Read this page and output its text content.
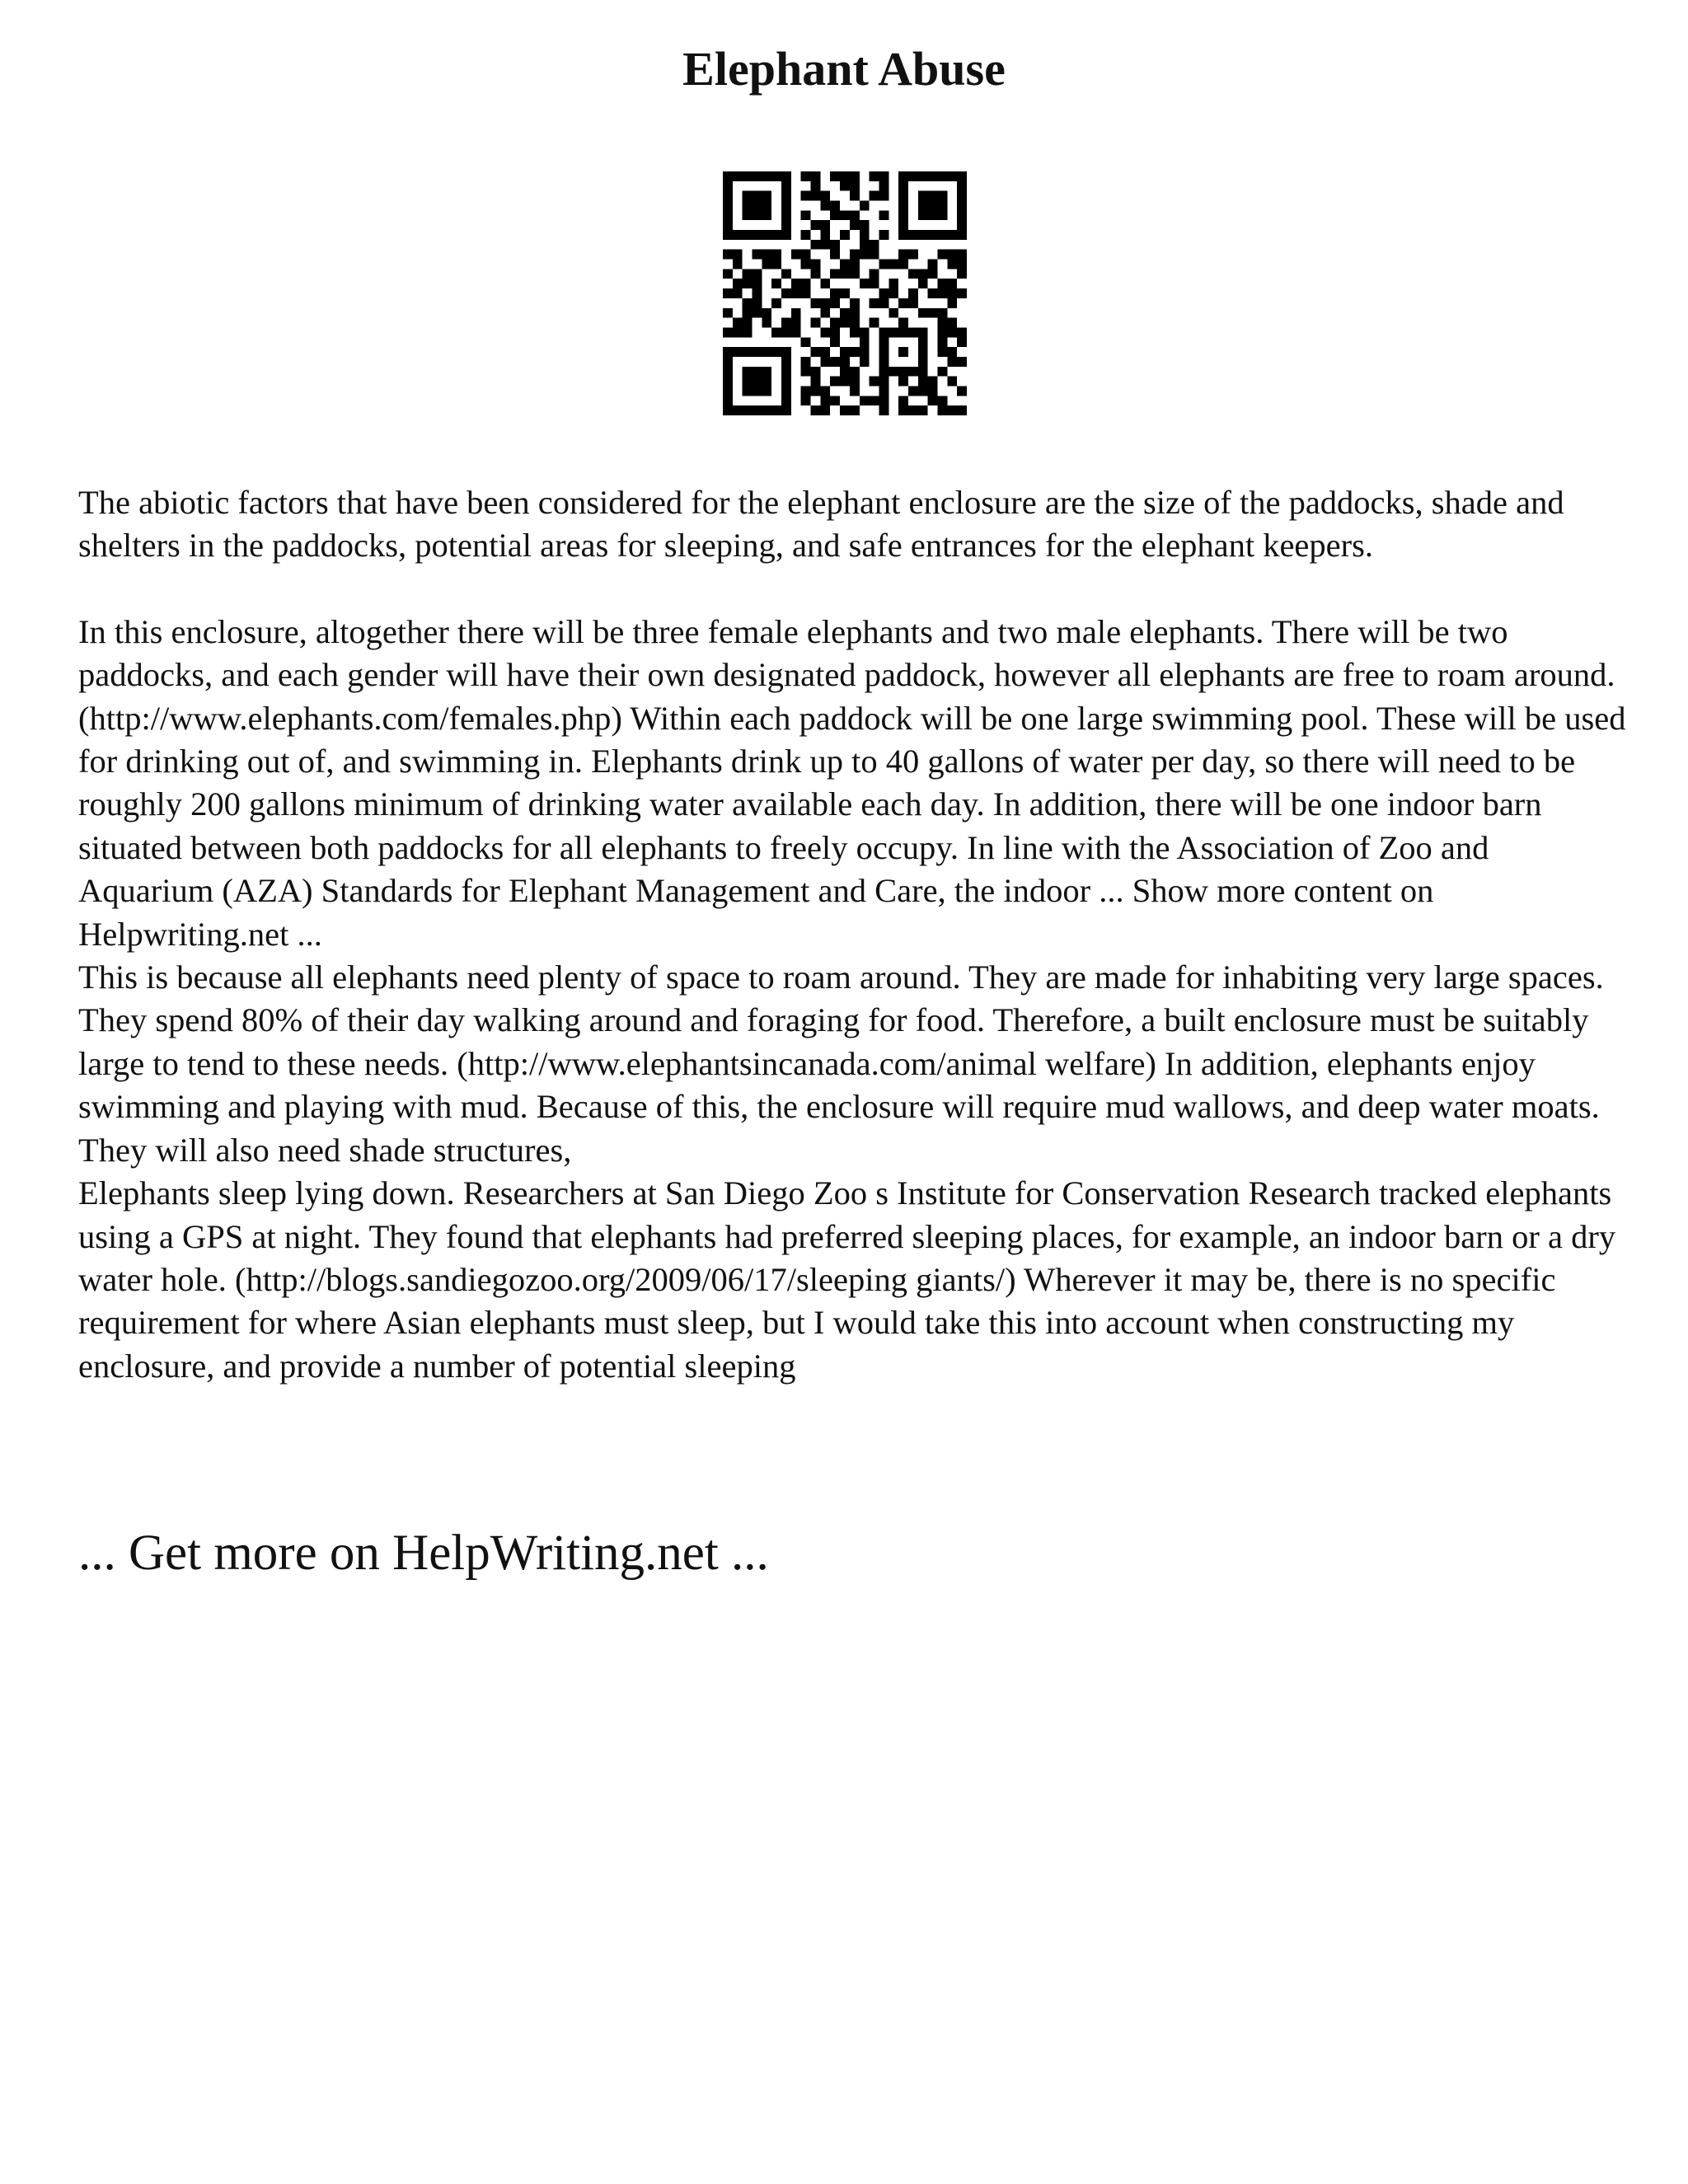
Elephant Abuse

The abiotic factors that have been considered for the elephant enclosure are the size of the paddocks, shade and shelters in the paddocks, potential areas for sleeping, and safe entrances for the elephant keepers.

In this enclosure, altogether there will be three female elephants and two male elephants. There will be two paddocks, and each gender will have their own designated paddock, however all elephants are free to roam around. (http://www.elephants.com/females.php) Within each paddock will be one large swimming pool. These will be used for drinking out of, and swimming in. Elephants drink up to 40 gallons of water per day, so there will need to be roughly 200 gallons minimum of drinking water available each day. In addition, there will be one indoor barn situated between both paddocks for all elephants to freely occupy. In line with the Association of Zoo and Aquarium (AZA) Standards for Elephant Management and Care, the indoor ... Show more content on Helpwriting.net ...

This is because all elephants need plenty of space to roam around. They are made for inhabiting very large spaces. They spend 80% of their day walking around and foraging for food. Therefore, a built enclosure must be suitably large to tend to these needs. (http://www.elephantsincanada.com/animal welfare) In addition, elephants enjoy swimming and playing with mud. Because of this, the enclosure will require mud wallows, and deep water moats. They will also need shade structures,

Elephants sleep lying down. Researchers at San Diego Zoo s Institute for Conservation Research tracked elephants using a GPS at night. They found that elephants had preferred sleeping places, for example, an indoor barn or a dry water hole. (http://blogs.sandiegozoo.org/2009/06/17/sleeping giants/) Wherever it may be, there is no specific requirement for where Asian elephants must sleep, but I would take this into account when constructing my enclosure, and provide a number of potential sleeping

... Get more on HelpWriting.net ...
